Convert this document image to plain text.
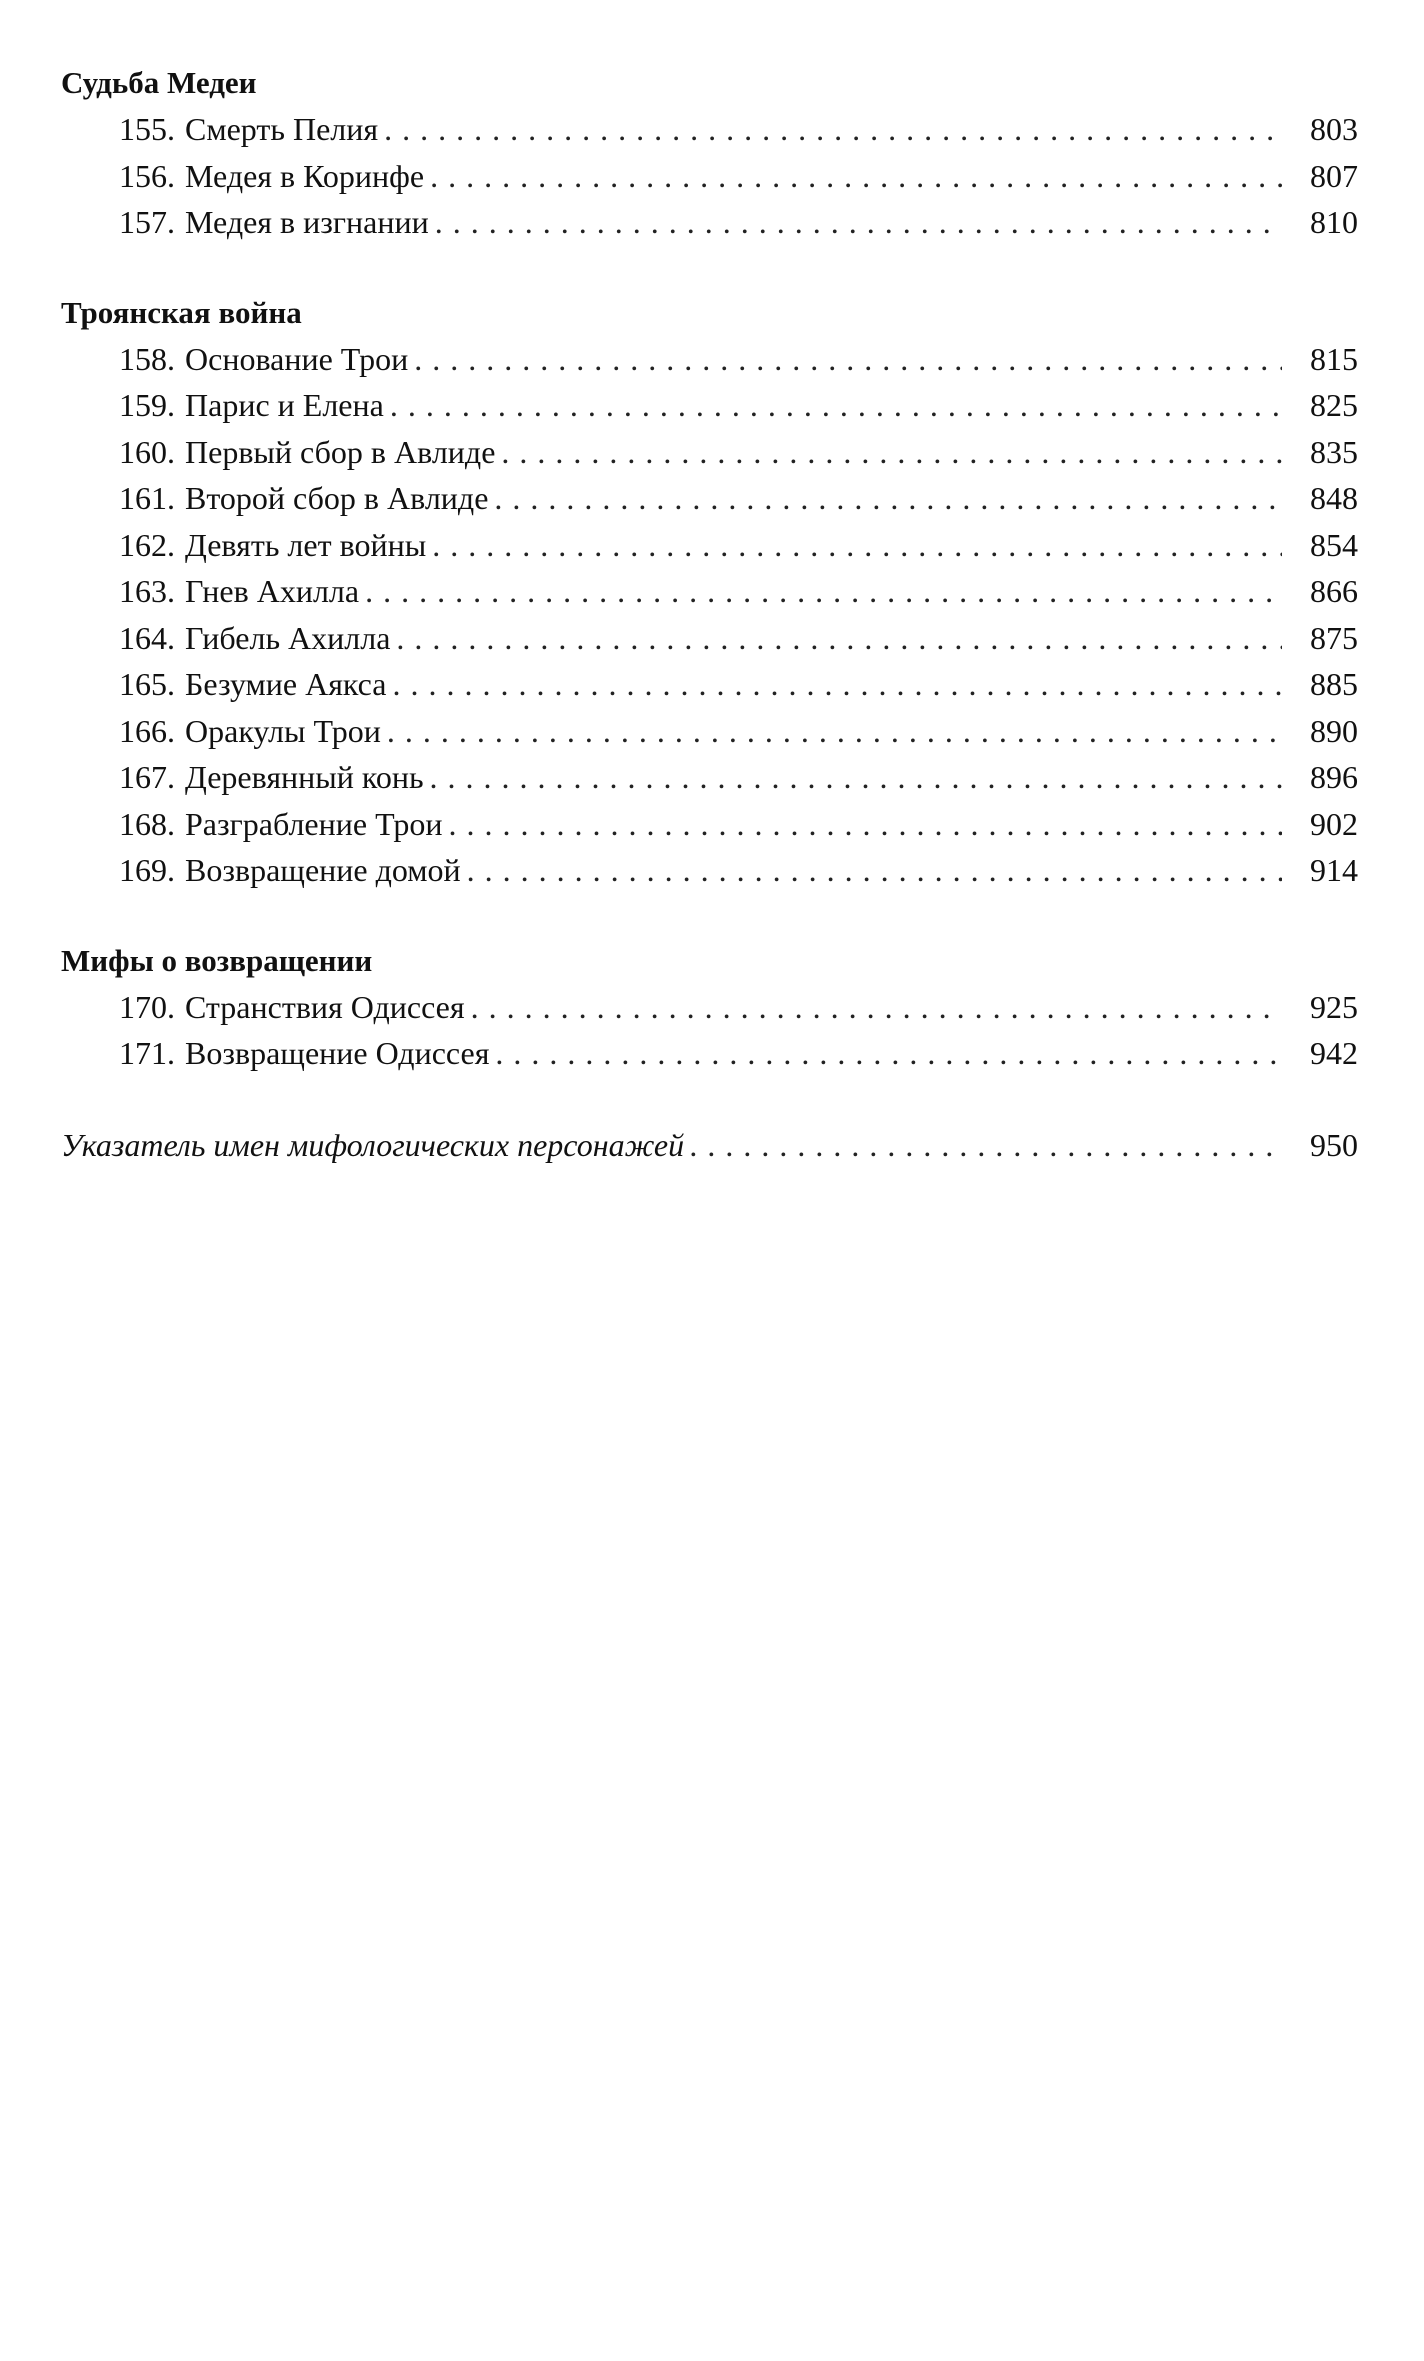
Судьба Медеи
155. Смерть Пелия . . .	803
156. Медея в Коринфе . . .	807
157. Медея в изгнании . . .	810
Троянская война
158. Основание Трои . . .	815
159. Парис и Елена . . .	825
160. Первый сбор в Авлиде . . .	835
161. Второй сбор в Авлиде . . .	848
162. Девять лет войны . . .	854
163. Гнев Ахилла . . .	866
164. Гибель Ахилла . . .	875
165. Безумие Аякса . . .	885
166. Оракулы Трои . . .	890
167. Деревянный конь . . .	896
168. Разграбление Трои . . .	902
169. Возвращение домой . . .	914
Мифы о возвращении
170. Странствия Одиссея . . .	925
171. Возвращение Одиссея . . .	942
Указатель имен мифологических персонажей . . .	950
